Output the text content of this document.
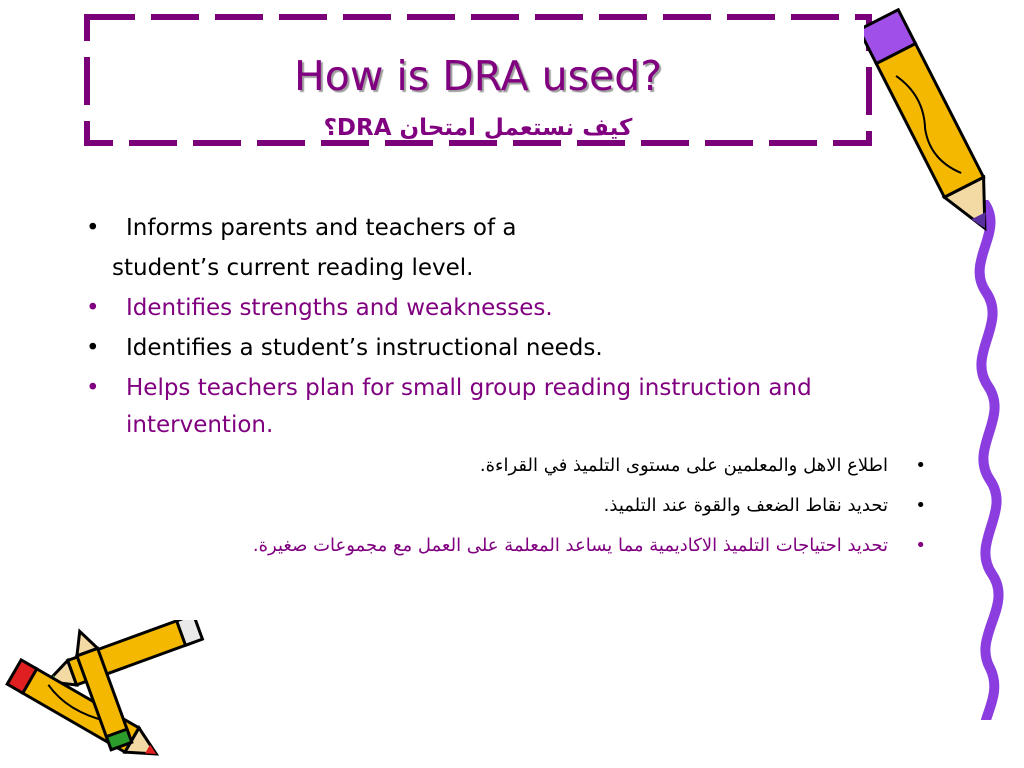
How is DRA used?
كيف نستعمل امتحان DRA؟
• Informs parents and teachers of a
student’s current reading level.
• Identifies strengths and weaknesses.
• Identifies a student’s instructional needs.
• Helps teachers plan for small group reading instruction and
intervention.
•
اطلاع الاهل والمعلمين على مستوى التلميذ في القراءة.
•
تحديد نقاط الضعف والقوة عند التلميذ.
•
تحديد احتياجات التلميذ الاكاديمية مما يساعد المعلمة على العمل مع مجموعات صغيرة.
